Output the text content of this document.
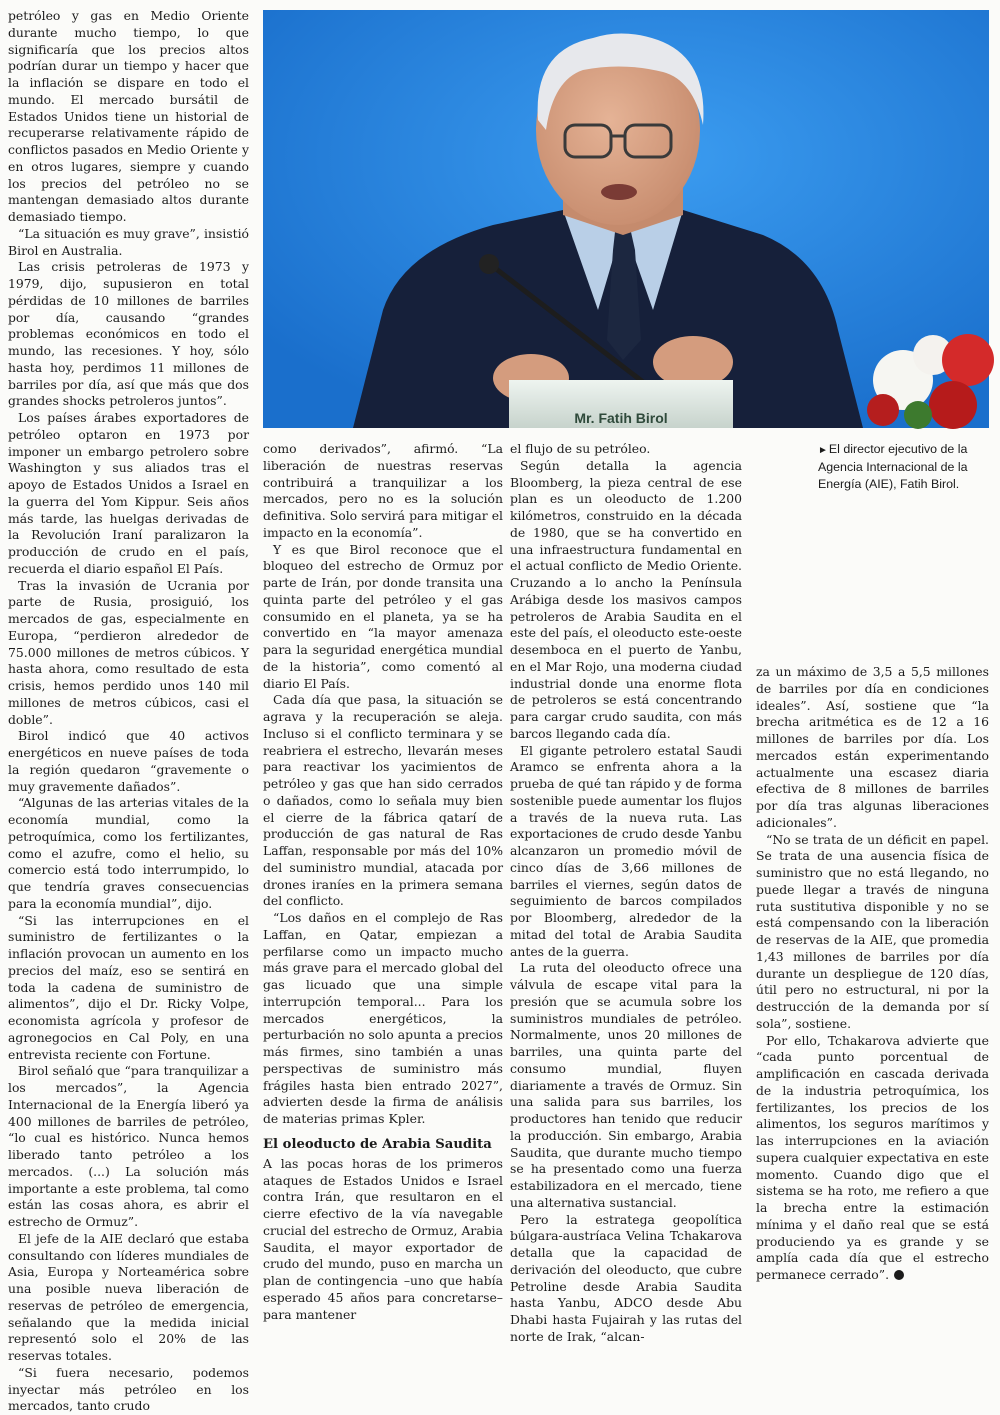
petróleo y gas en Medio Oriente durante mucho tiempo, lo que significaría que los precios altos podrían durar un tiempo y hacer que la inflación se dispare en todo el mundo. El mercado bursátil de Estados Unidos tiene un historial de recuperarse relativamente rápido de conflictos pasados en Medio Oriente y en otros lugares, siempre y cuando los precios del petróleo no se mantengan demasiado altos durante demasiado tiempo.

“La situación es muy grave”, insistió Birol en Australia.

Las crisis petroleras de 1973 y 1979, dijo, supusieron en total pérdidas de 10 millones de barriles por día, causando “grandes problemas económicos en todo el mundo, las recesiones. Y hoy, sólo hasta hoy, perdimos 11 millones de barriles por día, así que más que dos grandes shocks petroleros juntos”.

Los países árabes exportadores de petróleo optaron en 1973 por imponer un embargo petrolero sobre Washington y sus aliados tras el apoyo de Estados Unidos a Israel en la guerra del Yom Kippur. Seis años más tarde, las huelgas derivadas de la Revolución Iraní paralizaron la producción de crudo en el país, recuerda el diario español El País.

Tras la invasión de Ucrania por parte de Rusia, prosiguió, los mercados de gas, especialmente en Europa, “perdieron alrededor de 75.000 millones de metros cúbicos. Y hasta ahora, como resultado de esta crisis, hemos perdido unos 140 mil millones de metros cúbicos, casi el doble”.

Birol indicó que 40 activos energéticos en nueve países de toda la región quedaron “gravemente o muy gravemente dañados”.

“Algunas de las arterias vitales de la economía mundial, como la petroquímica, como los fertilizantes, como el azufre, como el helio, su comercio está todo interrumpido, lo que tendría graves consecuencias para la economía mundial”, dijo.

“Si las interrupciones en el suministro de fertilizantes o la inflación provocan un aumento en los precios del maíz, eso se sentirá en toda la cadena de suministro de alimentos”, dijo el Dr. Ricky Volpe, economista agrícola y profesor de agronegocios en Cal Poly, en una entrevista reciente con Fortune.

Birol señaló que “para tranquilizar a los mercados”, la Agencia Internacional de la Energía liberó ya 400 millones de barriles de petróleo, “lo cual es histórico. Nunca hemos liberado tanto petróleo a los mercados. (...) La solución más importante a este problema, tal como están las cosas ahora, es abrir el estrecho de Ormuz”.

El jefe de la AIE declaró que estaba consultando con líderes mundiales de Asia, Europa y Norteamérica sobre una posible nueva liberación de reservas de petróleo de emergencia, señalando que la medida inicial representó solo el 20% de las reservas totales.

“Si fuera necesario, podemos inyectar más petróleo en los mercados, tanto crudo

Mr. Fatih Birol
►El director ejecutivo de la Agencia Internacional de la Energía (AIE), Fatih Birol.

como derivados”, afirmó. “La liberación de nuestras reservas contribuirá a tranquilizar a los mercados, pero no es la solución definitiva. Solo servirá para mitigar el impacto en la economía”.

Y es que Birol reconoce que el bloqueo del estrecho de Ormuz por parte de Irán, por donde transita una quinta parte del petróleo y el gas consumido en el planeta, ya se ha convertido en “la mayor amenaza para la seguridad energética mundial de la historia”, como comentó al diario El País.

Cada día que pasa, la situación se agrava y la recuperación se aleja. Incluso si el conflicto terminara y se reabriera el estrecho, llevarán meses para reactivar los yacimientos de petróleo y gas que han sido cerrados o dañados, como lo señala muy bien el cierre de la fábrica qatarí de producción de gas natural de Ras Laffan, responsable por más del 10% del suministro mundial, atacada por drones iraníes en la primera semana del conflicto.

“Los daños en el complejo de Ras Laffan, en Qatar, empiezan a perfilarse como un impacto mucho más grave para el mercado global del gas licuado que una simple interrupción temporal... Para los mercados energéticos, la perturbación no solo apunta a precios más firmes, sino también a unas perspectivas de suministro más frágiles hasta bien entrado 2027”, advierten desde la firma de análisis de materias primas Kpler.

El oleoducto de Arabia Saudita

A las pocas horas de los primeros ataques de Estados Unidos e Israel contra Irán, que resultaron en el cierre efectivo de la vía navegable crucial del estrecho de Ormuz, Arabia Saudita, el mayor exportador de crudo del mundo, puso en marcha un plan de contingencia –uno que había esperado 45 años para concretarse– para mantener

el flujo de su petróleo.

Según detalla la agencia Bloomberg, la pieza central de ese plan es un oleoducto de 1.200 kilómetros, construido en la década de 1980, que se ha convertido en una infraestructura fundamental en el actual conflicto de Medio Oriente. Cruzando a lo ancho la Península Arábiga desde los masivos campos petroleros de Arabia Saudita en el este del país, el oleoducto este-oeste desemboca en el puerto de Yanbu, en el Mar Rojo, una moderna ciudad industrial donde una enorme flota de petroleros se está concentrando para cargar crudo saudita, con más barcos llegando cada día.

El gigante petrolero estatal Saudi Aramco se enfrenta ahora a la prueba de qué tan rápido y de forma sostenible puede aumentar los flujos a través de la nueva ruta. Las exportaciones de crudo desde Yanbu alcanzaron un promedio móvil de cinco días de 3,66 millones de barriles el viernes, según datos de seguimiento de barcos compilados por Bloomberg, alrededor de la mitad del total de Arabia Saudita antes de la guerra.

La ruta del oleoducto ofrece una válvula de escape vital para la presión que se acumula sobre los suministros mundiales de petróleo. Normalmente, unos 20 millones de barriles, una quinta parte del consumo mundial, fluyen diariamente a través de Ormuz. Sin una salida para sus barriles, los productores han tenido que reducir la producción. Sin embargo, Arabia Saudita, que durante mucho tiempo se ha presentado como una fuerza estabilizadora en el mercado, tiene una alternativa sustancial.

Pero la estratega geopolítica búlgara-austríaca Velina Tchakarova detalla que la capacidad de derivación del oleoducto, que cubre Petroline desde Arabia Saudita hasta Yanbu, ADCO desde Abu Dhabi hasta Fujairah y las rutas del norte de Irak, “alcan-

za un máximo de 3,5 a 5,5 millones de barriles por día en condiciones ideales”. Así, sostiene que “la brecha aritmética es de 12 a 16 millones de barriles por día. Los mercados están experimentando actualmente una escasez diaria efectiva de 8 millones de barriles por día tras algunas liberaciones adicionales”.

“No se trata de un déficit en papel. Se trata de una ausencia física de suministro que no está llegando, no puede llegar a través de ninguna ruta sustitutiva disponible y no se está compensando con la liberación de reservas de la AIE, que promedia 1,43 millones de barriles por día durante un despliegue de 120 días, útil pero no estructural, ni por la destrucción de la demanda por sí sola”, sostiene.

Por ello, Tchakarova advierte que “cada punto porcentual de amplificación en cascada derivada de la industria petroquímica, los fertilizantes, los precios de los alimentos, los seguros marítimos y las interrupciones en la aviación supera cualquier expectativa en este momento. Cuando digo que el sistema se ha roto, me refiero a que la brecha entre la estimación mínima y el daño real que se está produciendo ya es grande y se amplía cada día que el estrecho permanece cerrado”.
